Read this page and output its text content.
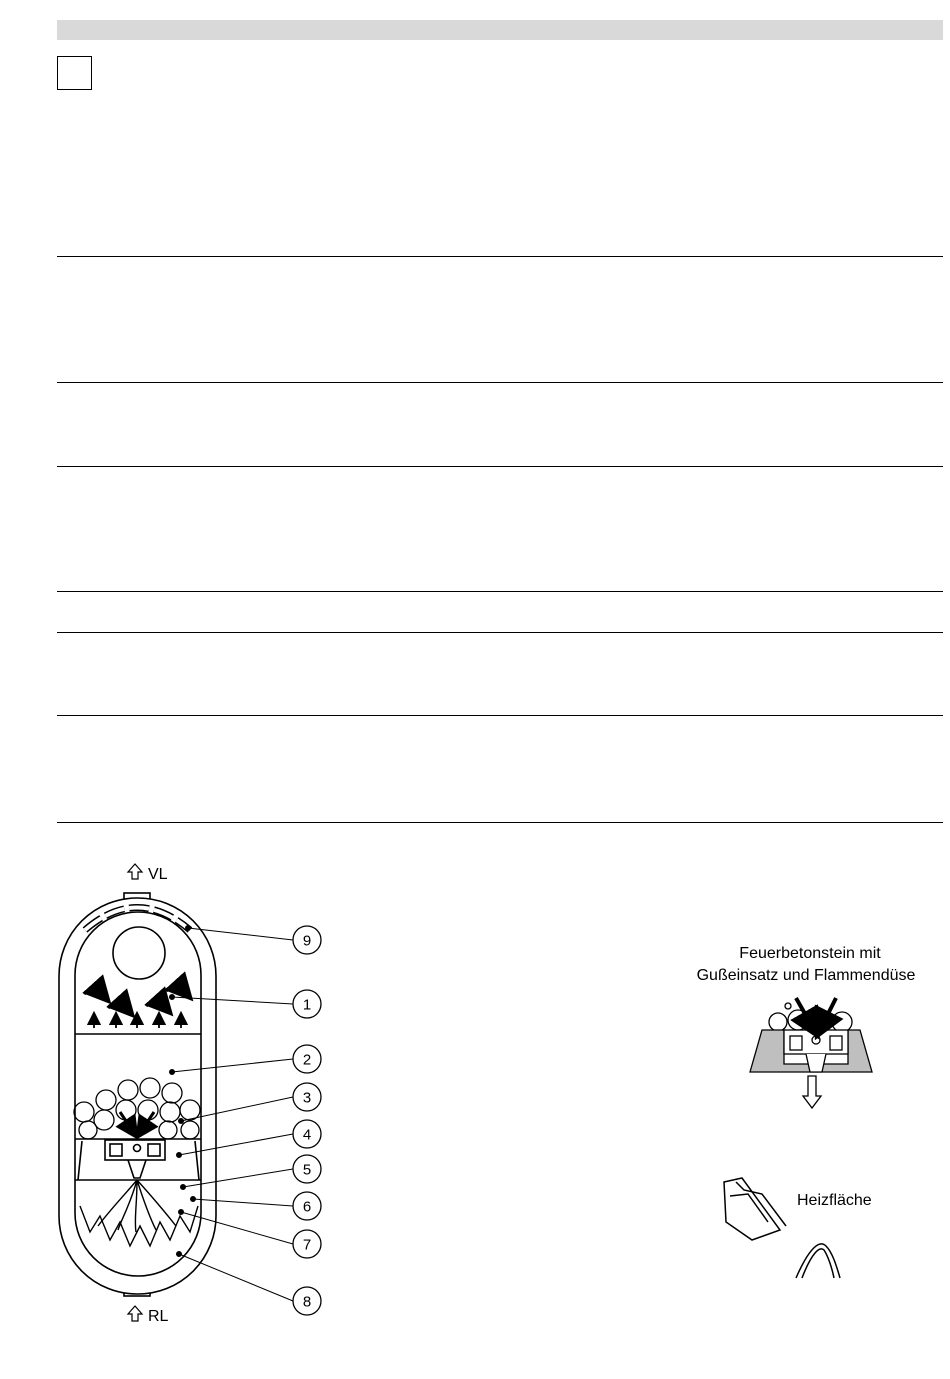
VL
RL
9
1
2
3
4
5
6
7
8
Feuerbetonstein mit
Gußeinsatz und Flammendüse
Heizfläche
